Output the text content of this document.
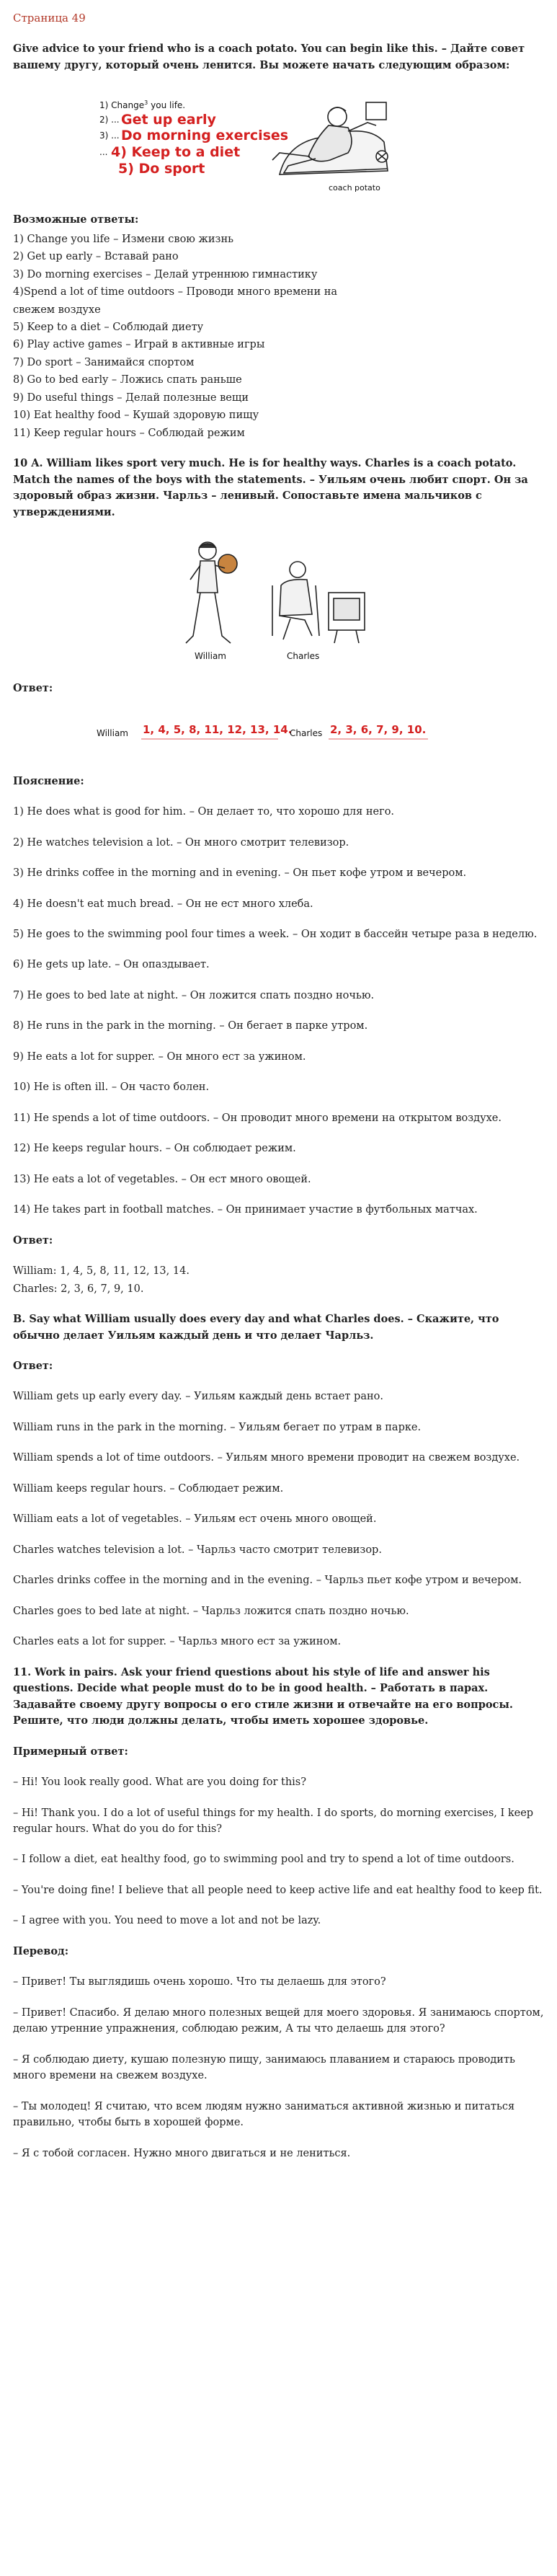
Страница 49

Give advice to your friend who is a coach potato. You can begin like this. – Дайте совет вашему другу, который очень ленится. Вы можете начать следующим образом:

1) Change$^3$ you life.
2) ... Get up early
3) ... Do morning exercises
... 4) Keep to a diet
5) Do sport
coach potato

Возможные ответы:

1) Change you life – Измени свою жизнь

2) Get up early – Вставай рано

3) Do morning exercises – Делай утреннюю гимнастику

4)Spend a lot of time outdoors – Проводи много времени на

свежем воздухе

5) Keep to a diet – Соблюдай диету

6) Play active games – Играй в активные игры

7) Do sport – Занимайся спортом

8) Go to bed early – Ложись спать раньше

9) Do useful things – Делай полезные вещи

10) Eat healthy food – Кушай здоровую пищу

11) Keep regular hours – Соблюдай режим

10 A. William likes sport very much. He is for healthy ways. Charles is a coach potato. Match the names of the boys with the statements. – Уильям очень любит спорт. Он за здоровый образ жизни. Чарльз – ленивый. Сопоставьте имена мальчиков с утверждениями.

William	Charles

Ответ:

William 1, 4, 5, 8, 11, 12, 13, 14.
Charles 2, 3, 6, 7, 9, 10.

Пояснение:

1) He does what is good for him. – Он делает то, что хорошо для него.

2) He watches television a lot. – Он много смотрит телевизор.

3) He drinks coffee in the morning and in evening. – Он пьет кофе утром и вечером.

4) He doesn't eat much bread. – Он не ест много хлеба.

5) He goes to the swimming pool four times a week. – Он ходит в бассейн четыре раза в неделю.

6) He gets up late. – Он опаздывает.

7) He goes to bed late at night. – Он ложится спать поздно ночью.

8) He runs in the park in the morning. – Он бегает в парке утром.

9) He eats a lot for supper. – Он много ест за ужином.

10) He is often ill. – Он часто болен.

11) He spends a lot of time outdoors. – Он проводит много времени на открытом воздухе.

12) He keeps regular hours. – Он соблюдает режим.

13) He eats a lot of vegetables. – Он ест много овощей.

14) He takes part in football matches. – Он принимает участие в футбольных матчах.

Ответ:

William: 1, 4, 5, 8, 11, 12, 13, 14.

Charles: 2, 3, 6, 7, 9, 10.

B. Say what William usually does every day and what Charles does. – Скажите, что обычно делает Уильям каждый день и что делает Чарльз.

Ответ:

William gets up early every day. – Уильям каждый день встает рано.

William runs in the park in the morning. – Уильям бегает по утрам в парке.

William spends a lot of time outdoors. – Уильям много времени проводит на свежем воздухе.

William keeps regular hours. – Соблюдает режим.

William eats a lot of vegetables. – Уильям ест очень много овощей.

Charles watches television a lot. – Чарльз часто смотрит телевизор.

Charles drinks coffee in the morning and in the evening. – Чарльз пьет кофе утром и вечером.

Charles goes to bed late at night. – Чарльз ложится спать поздно ночью.

Charles eats a lot for supper. – Чарльз много ест за ужином.

11. Work in pairs. Ask your friend questions about his style of life and answer his questions. Decide what people must do to be in good health. – Работать в парах. Задавайте своему другу вопросы о его стиле жизни и отвечайте на его вопросы. Решите, что люди должны делать, чтобы иметь хорошее здоровье.

Примерный ответ:

– Hi! You look really good. What are you doing for this?

– Hi! Thank you. I do a lot of useful things for my health. I do sports, do morning exercises, I keep regular hours. What do you do for this?

– I follow a diet, eat healthy food, go to swimming pool and try to spend a lot of time outdoors.

– You're doing fine! I believe that all people need to keep active life and eat healthy food to keep fit.

– I agree with you. You need to move a lot and not be lazy.

Перевод:

– Привет! Ты выглядишь очень хорошо. Что ты делаешь для этого?

– Привет! Спасибо. Я делаю много полезных вещей для моего здоровья. Я занимаюсь спортом, делаю утренние упражнения, соблюдаю режим, А ты что делаешь для этого?

– Я соблюдаю диету, кушаю полезную пищу, занимаюсь плаванием и стараюсь проводить много времени на свежем воздухе.

– Ты молодец! Я считаю, что всем людям нужно заниматься активной жизнью и питаться правильно, чтобы быть в хорошей форме.

– Я с тобой согласен. Нужно много двигаться и не лениться.
